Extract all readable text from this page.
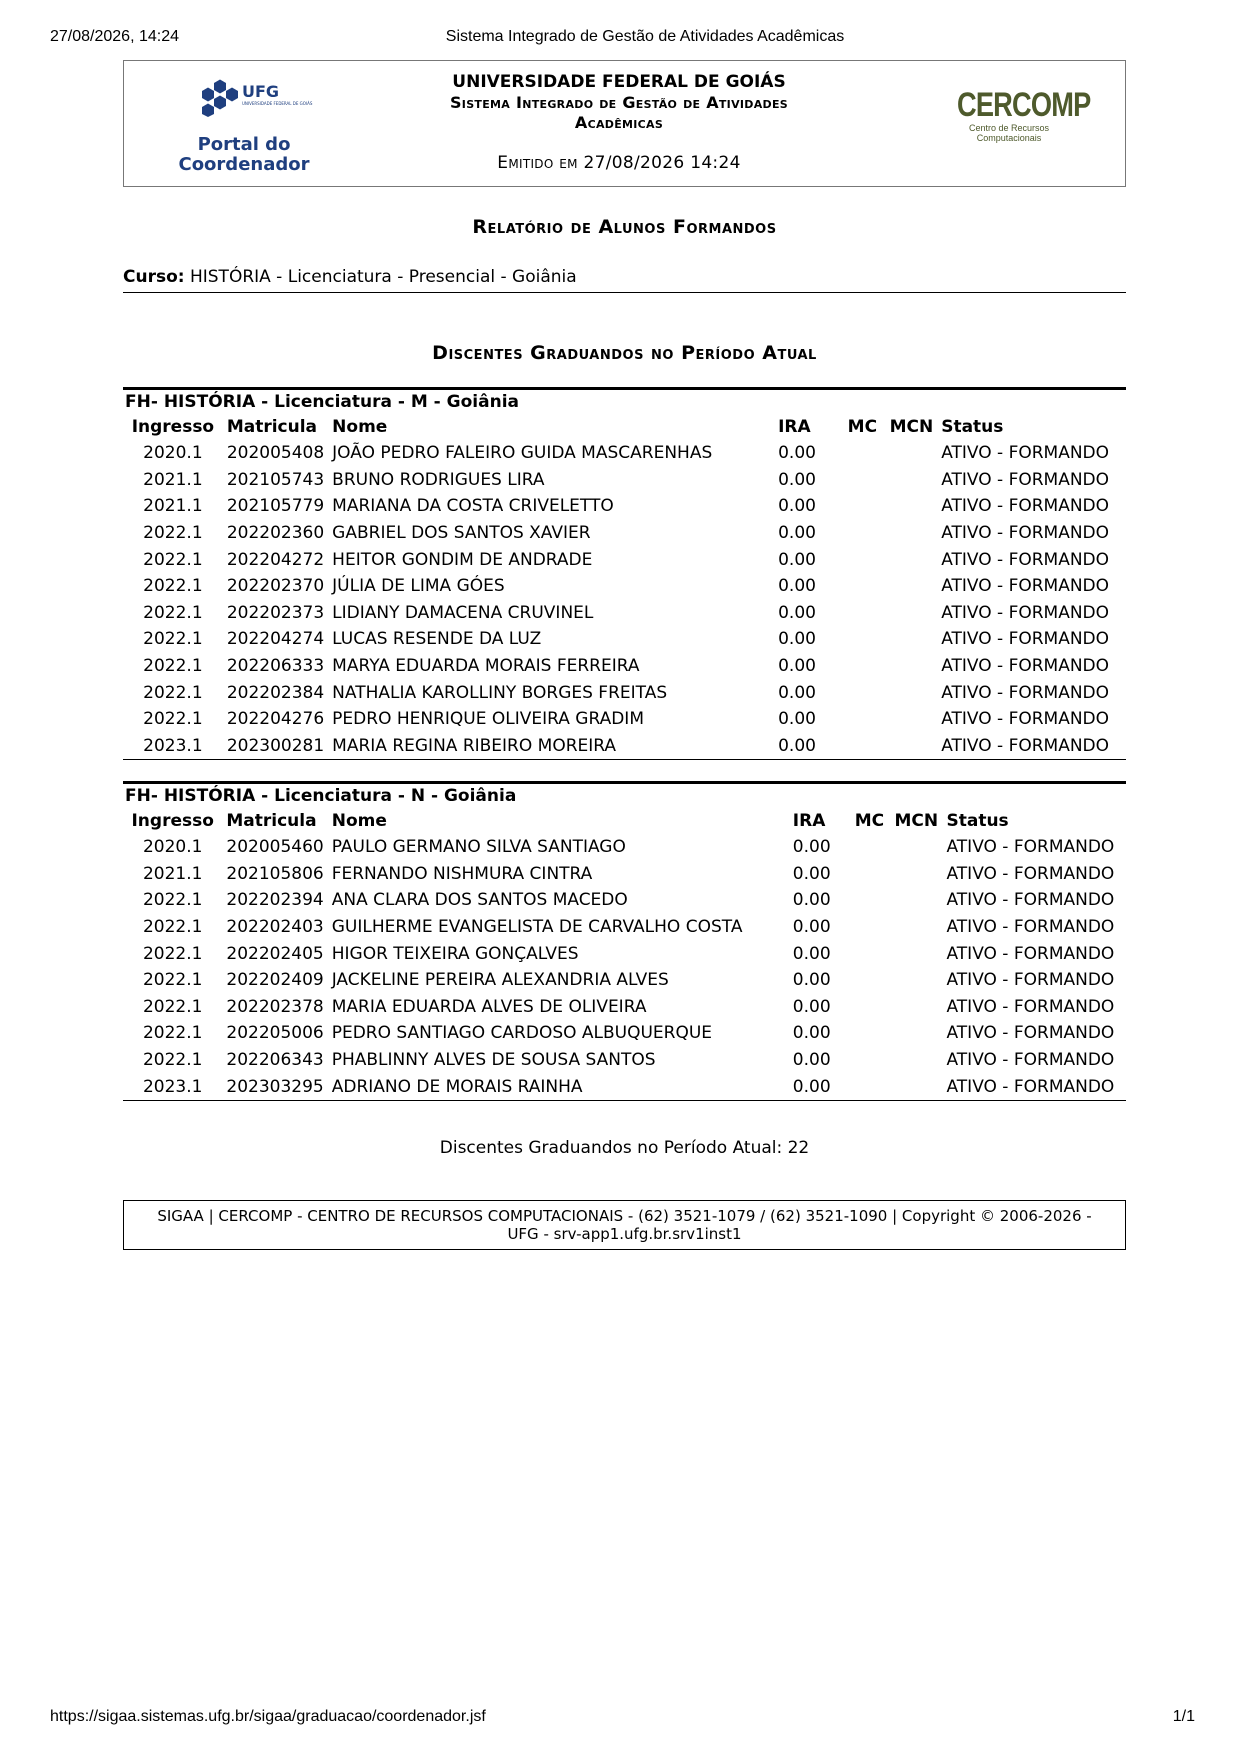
27/08/2026, 14:24	Sistema Integrado de Gestão de Atividades Acadêmicas
UFG
UNIVERSIDADE FEDERAL DE GOIÁS
Portal do
Coordenador
UNIVERSIDADE FEDERAL DE GOIÁS
Sistema Integrado de Gestão de Atividades
Acadêmicas
Emitido em 27/08/2026 14:24
CERCOMP
Centro de Recursos Computacionais
Relatório de Alunos Formandos
Curso: HISTÓRIA - Licenciatura - Presencial - Goiânia
Discentes Graduandos no Período Atual
FH- HISTÓRIA - Licenciatura - M - Goiânia
Ingresso	Matricula	Nome	IRA	MC	MCN	Status
2020.1	202005408	JOÃO PEDRO FALEIRO GUIDA MASCARENHAS	0.00			ATIVO - FORMANDO
2021.1	202105743	BRUNO RODRIGUES LIRA	0.00			ATIVO - FORMANDO
2021.1	202105779	MARIANA DA COSTA CRIVELETTO	0.00			ATIVO - FORMANDO
2022.1	202202360	GABRIEL DOS SANTOS XAVIER	0.00			ATIVO - FORMANDO
2022.1	202204272	HEITOR GONDIM DE ANDRADE	0.00			ATIVO - FORMANDO
2022.1	202202370	JÚLIA DE LIMA GÓES	0.00			ATIVO - FORMANDO
2022.1	202202373	LIDIANY DAMACENA CRUVINEL	0.00			ATIVO - FORMANDO
2022.1	202204274	LUCAS RESENDE DA LUZ	0.00			ATIVO - FORMANDO
2022.1	202206333	MARYA EDUARDA MORAIS FERREIRA	0.00			ATIVO - FORMANDO
2022.1	202202384	NATHALIA KAROLLINY BORGES FREITAS	0.00			ATIVO - FORMANDO
2022.1	202204276	PEDRO HENRIQUE OLIVEIRA GRADIM	0.00			ATIVO - FORMANDO
2023.1	202300281	MARIA REGINA RIBEIRO MOREIRA	0.00			ATIVO - FORMANDO
FH- HISTÓRIA - Licenciatura - N - Goiânia
Ingresso	Matricula	Nome	IRA	MC	MCN	Status
2020.1	202005460	PAULO GERMANO SILVA SANTIAGO	0.00			ATIVO - FORMANDO
2021.1	202105806	FERNANDO NISHMURA CINTRA	0.00			ATIVO - FORMANDO
2022.1	202202394	ANA CLARA DOS SANTOS MACEDO	0.00			ATIVO - FORMANDO
2022.1	202202403	GUILHERME EVANGELISTA DE CARVALHO COSTA	0.00			ATIVO - FORMANDO
2022.1	202202405	HIGOR TEIXEIRA GONÇALVES	0.00			ATIVO - FORMANDO
2022.1	202202409	JACKELINE PEREIRA ALEXANDRIA ALVES	0.00			ATIVO - FORMANDO
2022.1	202202378	MARIA EDUARDA ALVES DE OLIVEIRA	0.00			ATIVO - FORMANDO
2022.1	202205006	PEDRO SANTIAGO CARDOSO ALBUQUERQUE	0.00			ATIVO - FORMANDO
2022.1	202206343	PHABLINNY ALVES DE SOUSA SANTOS	0.00			ATIVO - FORMANDO
2023.1	202303295	ADRIANO DE MORAIS RAINHA	0.00			ATIVO - FORMANDO
Discentes Graduandos no Período Atual: 22
SIGAA | CERCOMP - CENTRO DE RECURSOS COMPUTACIONAIS - (62) 3521-1079 / (62) 3521-1090 | Copyright © 2006-2026 - UFG - srv-app1.ufg.br.srv1inst1
https://sigaa.sistemas.ufg.br/sigaa/graduacao/coordenador.jsf	1/1
